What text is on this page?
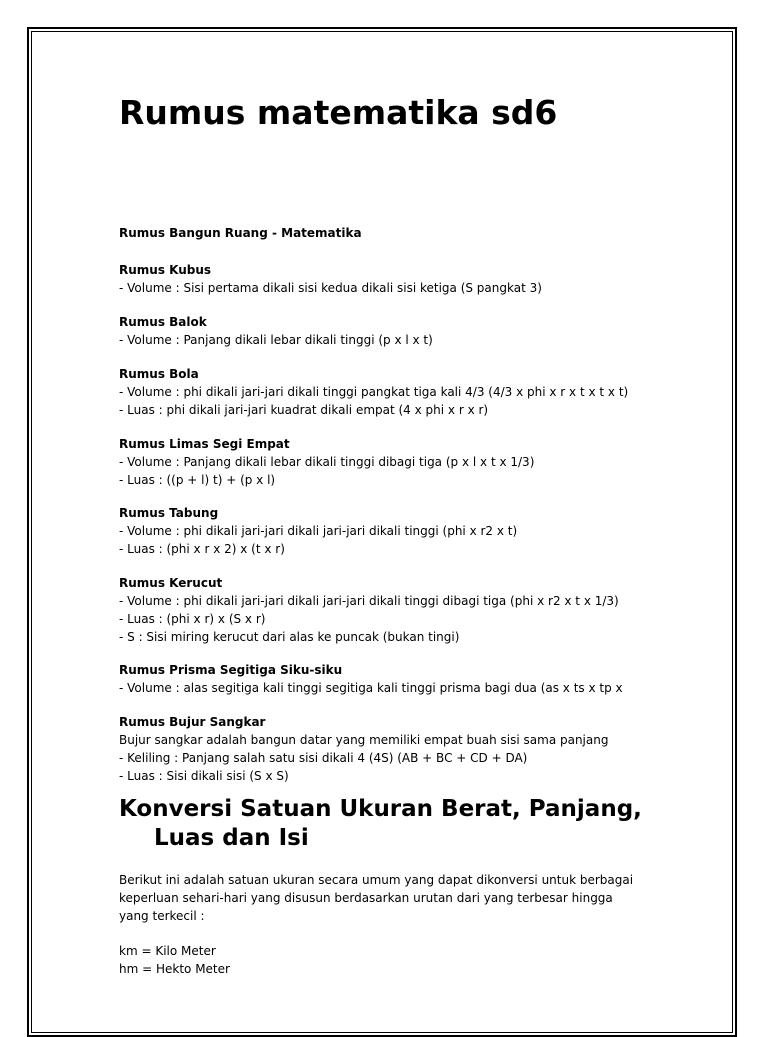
Rumus matematika sd6
Rumus Bangun Ruang - Matematika
Rumus Kubus
- Volume : Sisi pertama dikali sisi kedua dikali sisi ketiga (S pangkat 3)
Rumus Balok
- Volume : Panjang dikali lebar dikali tinggi (p x l x t)
Rumus Bola
- Volume : phi dikali jari-jari dikali tinggi pangkat tiga kali 4/3 (4/3 x phi x r x t x t x t)
- Luas : phi dikali jari-jari kuadrat dikali empat (4 x phi x r x r)
Rumus Limas Segi Empat
- Volume : Panjang dikali lebar dikali tinggi dibagi tiga (p x l x t x 1/3)
- Luas : ((p + l) t) + (p x l)
Rumus Tabung
- Volume : phi dikali jari-jari dikali jari-jari dikali tinggi (phi x r2 x t)
- Luas : (phi x r x 2) x (t x r)
Rumus Kerucut
- Volume : phi dikali jari-jari dikali jari-jari dikali tinggi dibagi tiga (phi x r2 x t x 1/3)
- Luas : (phi x r) x (S x r)
- S : Sisi miring kerucut dari alas ke puncak (bukan tingi)
Rumus Prisma Segitiga Siku-siku
- Volume : alas segitiga kali tinggi segitiga kali tinggi prisma bagi dua (as x ts x tp x
Rumus Bujur Sangkar
Bujur sangkar adalah bangun datar yang memiliki empat buah sisi sama panjang
- Keliling : Panjang salah satu sisi dikali 4 (4S) (AB + BC + CD + DA)
- Luas : Sisi dikali sisi (S x S)
Konversi Satuan Ukuran Berat, Panjang,
Luas dan Isi
Berikut ini adalah satuan ukuran secara umum yang dapat dikonversi untuk berbagai keperluan sehari-hari yang disusun berdasarkan urutan dari yang terbesar hingga yang terkecil :
km = Kilo Meter
hm = Hekto Meter
